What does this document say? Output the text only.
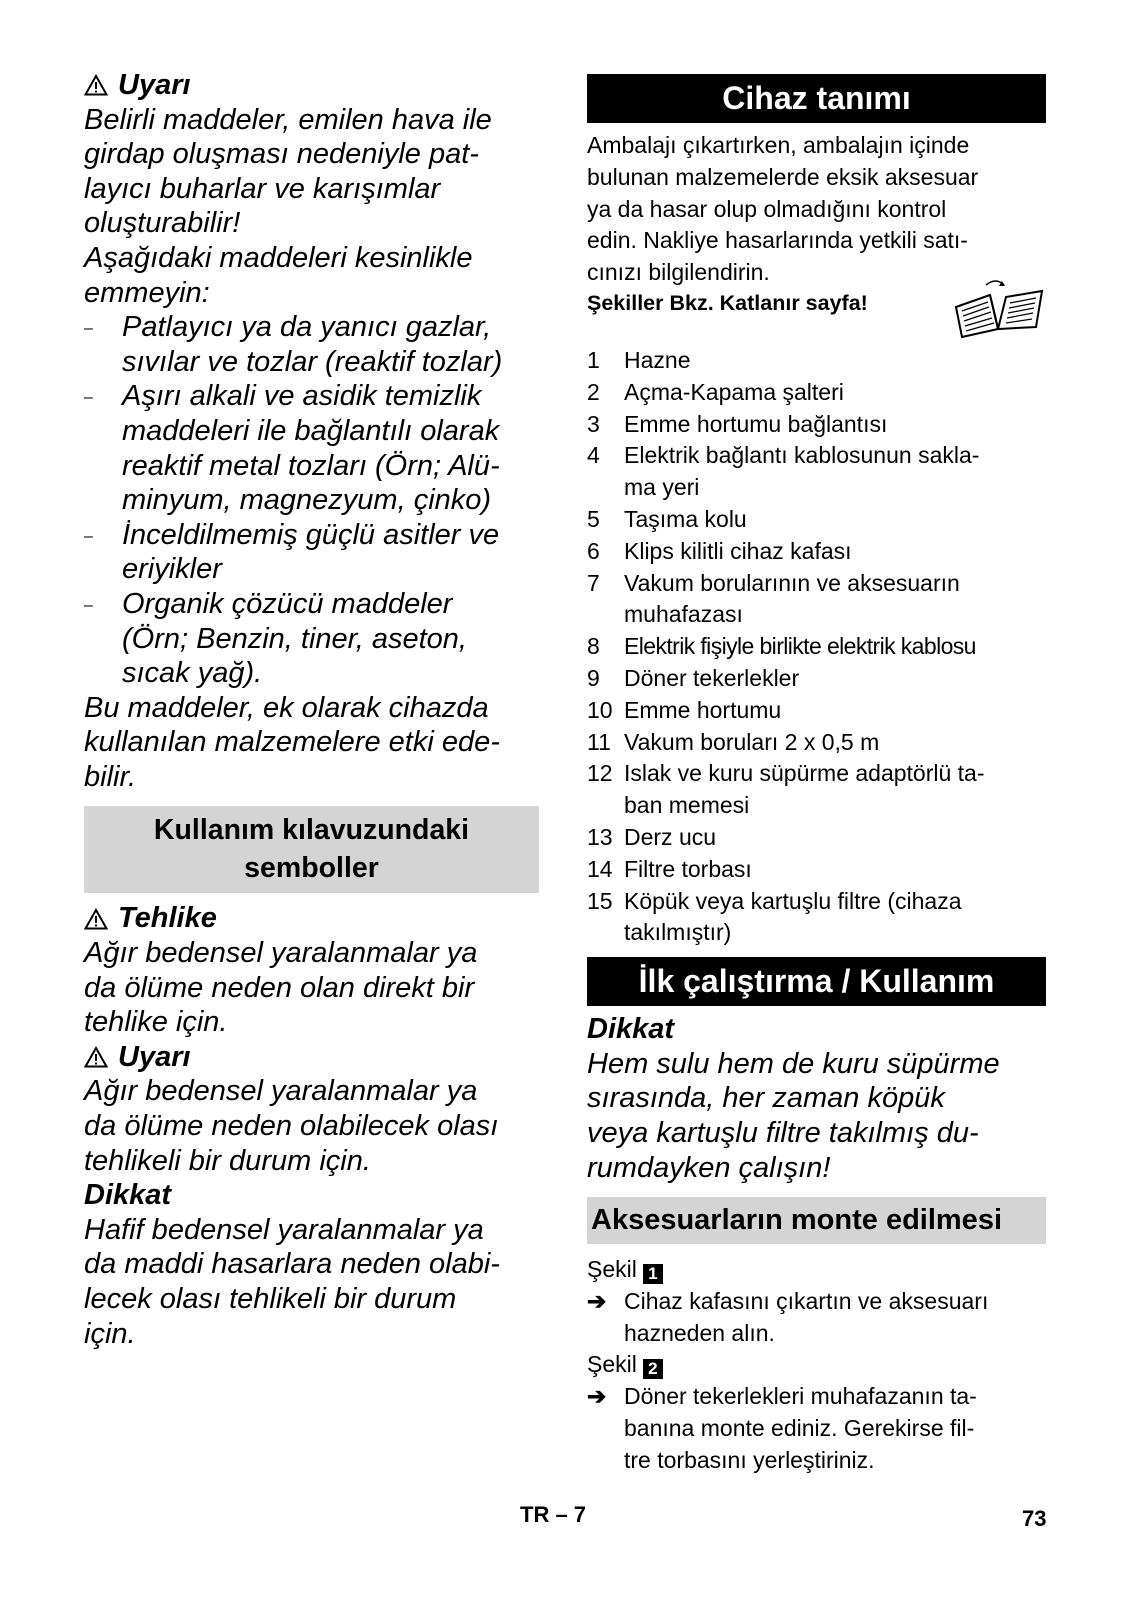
Uyarı

Belirli maddeler, emilen hava ile

girdap oluşması nedeniyle pat-

layıcı buharlar ve karışımlar

oluşturabilir!

Aşağıdaki maddeleri kesinlikle

emmeyin:

– Patlayıcı ya da yanıcı gazlar,
sıvılar ve tozlar (reaktif tozlar)
– Aşırı alkali ve asidik temizlik
maddeleri ile bağlantılı olarak
reaktif metal tozları (Örn; Alü-
minyum, magnezyum, çinko)
– İnceldilmemiş güçlü asitler ve
eriyikler
– Organik çözücü maddeler
(Örn; Benzin, tiner, aseton,
sıcak yağ).

Bu maddeler, ek olarak cihazda

kullanılan malzemelere etki ede-

bilir.

Kullanım kılavuzundaki
semboller
Tehlike

Ağır bedensel yaralanmalar ya

da ölüme neden olan direkt bir

tehlike için.

Uyarı

Ağır bedensel yaralanmalar ya

da ölüme neden olabilecek olası

tehlikeli bir durum için.

Dikkat

Hafif bedensel yaralanmalar ya

da maddi hasarlara neden olabi-

lecek olası tehlikeli bir durum

için.

Cihaz tanımı

Ambalajı çıkartırken, ambalajın içinde

bulunan malzemelerde eksik aksesuar

ya da hasar olup olmadığını kontrol

edin. Nakliye hasarlarında yetkili satı-

cınızı bilgilendirin.

Şekiller Bkz. Katlanır sayfa!
1 Hazne
2 Açma-Kapama şalteri
3 Emme hortumu bağlantısı
4 Elektrik bağlantı kablosunun sakla-
ma yeri
5 Taşıma kolu
6 Klips kilitli cihaz kafası
7 Vakum borularının ve aksesuarın
muhafazası
8 Elektrik fişiyle birlikte elektrik kablosu
9 Döner tekerlekler
10 Emme hortumu
11 Vakum boruları 2 x 0,5 m
12 Islak ve kuru süpürme adaptörlü ta-
ban memesi
13 Derz ucu
14 Filtre torbası
15 Köpük veya kartuşlu filtre (cihaza
takılmıştır)
İlk çalıştırma / Kullanım
Dikkat

Hem sulu hem de kuru süpürme

sırasında, her zaman köpük

veya kartuşlu filtre takılmış du-

rumdayken çalışın!

Aksesuarların monte edilmesi
Şekil 1
➔ Cihaz kafasını çıkartın ve aksesuarı
hazneden alın.
Şekil 2
➔ Döner tekerlekleri muhafazanın ta-
banına monte ediniz. Gerekirse fil-
tre torbasını yerleştiriniz.
TR – 7	73
